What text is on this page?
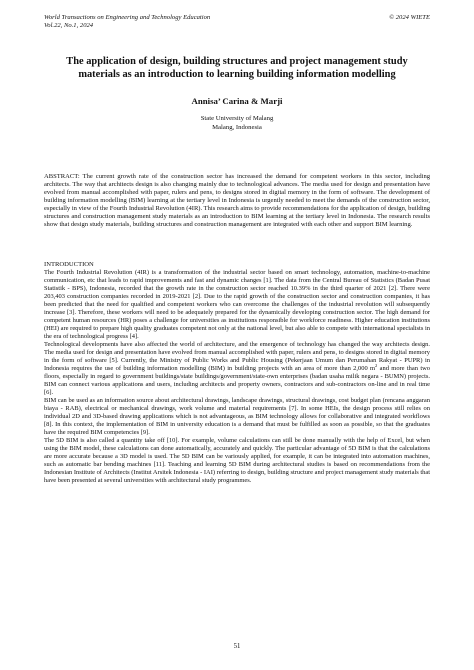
World Transactions on Engineering and Technology Education
Vol.22, No.1, 2024
© 2024 WIETE
The application of design, building structures and project management study materials as an introduction to learning building information modelling
Annisa’ Carina & Marji
State University of Malang
Malang, Indonesia
ABSTRACT: The current growth rate of the construction sector has increased the demand for competent workers in this sector, including architects. The way that architects design is also changing mainly due to technological advances. The media used for design and presentation have evolved from manual accomplished with paper, rulers and pens, to designs stored in digital memory in the form of software. The development of building information modelling (BIM) learning at the tertiary level in Indonesia is urgently needed to meet the demands of the construction sector, especially in view of the Fourth Industrial Revolution (4IR). This research aims to provide recommendations for the application of design, building structures and construction management study materials as an introduction to BIM learning at the tertiary level in Indonesia. The research results show that design study materials, building structures and construction management are integrated with each other and support BIM learning.
INTRODUCTION

The Fourth Industrial Revolution (4IR) is a transformation of the industrial sector based on smart technology, automation, machine-to-machine communication, etc that leads to rapid improvements and fast and dynamic changes [1]. The data from the Central Bureau of Statistics (Badan Pusat Statistik - BPS), Indonesia, recorded that the growth rate in the construction sector reached 10.39% in the third quarter of 2021 [2]. There were 203,403 construction companies recorded in 2019-2021 [2]. Due to the rapid growth of the construction sector and construction companies, it has been predicted that the need for qualified and competent workers who can overcome the challenges of the industrial revolution will subsequently increase [3]. Therefore, these workers will need to be adequately prepared for the dynamically developing construction sector. The high demand for competent human resources (HR) poses a challenge for universities as institutions responsible for workforce readiness. Higher education institutions (HEI) are required to prepare high quality graduates competent not only at the national level, but also able to compete with international specialists in the era of technological progress [4].

Technological developments have also affected the world of architecture, and the emergence of technology has changed the way architects design. The media used for design and presentation have evolved from manual accomplished with paper, rulers and pens, to designs stored in digital memory in the form of software [5]. Currently, the Ministry of Public Works and Public Housing (Pekerjaan Umum dan Perumahan Rakyat - PUPR) in Indonesia requires the use of building information modelling (BIM) in building projects with an area of more than 2,000 $m^2$ and more than two floors, especially in regard to government buildings/state buildings/government/state-own enterprises (badan usaha milik negara - BUMN) projects. BIM can connect various applications and users, including architects and property owners, contractors and sub-contractors on-line and in real time [6].

BIM can be used as an information source about architectural drawings, landscape drawings, structural drawings, cost budget plan (rencana anggaran biaya - RAB), electrical or mechanical drawings, work volume and material requirements [7]. In some HEIs, the design process still relies on individual 2D and 3D-based drawing applications which is not advantageous, as BIM technology allows for collaborative and integrated workflows [8]. In this context, the implementation of BIM in university education is a demand that must be fulfilled as soon as possible, so that the graduates have the required BIM competencies [9].

The 5D BIM is also called a quantity take off [10]. For example, volume calculations can still be done manually with the help of Excel, but when using the BIM model, these calculations can done automatically, accurately and quickly. The particular advantage of 5D BIM is that the calculations are more accurate because a 3D model is used. The 5D BIM can be variously applied, for example, it can be integrated into automation machines, such as automatic bar bending machines [11]. Teaching and learning 5D BIM during architectural studies is based on recommendations from the Indonesian Institute of Architects (Institut Arsitek Indonesia - IAI) referring to design, building structure and project management study materials that have been presented at several universities with architectural study programmes.

51
